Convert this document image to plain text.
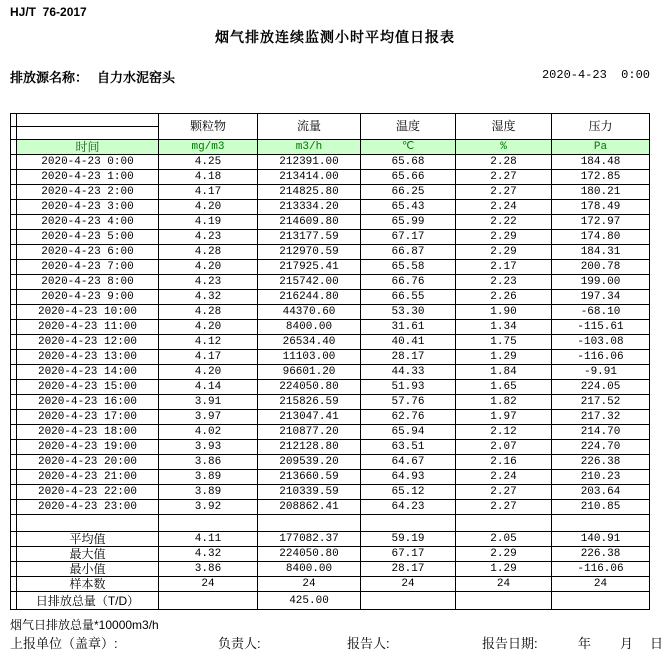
HJ/T  76-2017
烟气排放连续监测小时平均值日报表
排放源名称： 自力水泥窑头	2020-4-23  0:00
		颗粒物	流量	温度	湿度	压力

	时间	mg/m3	m3/h	℃	%	Pa
	2020-4-23 0:00	4.25	212391.00	65.68	2.28	184.48
	2020-4-23 1:00	4.18	213414.00	65.66	2.27	172.85
	2020-4-23 2:00	4.17	214825.80	66.25	2.27	180.21
	2020-4-23 3:00	4.20	213334.20	65.43	2.24	178.49
	2020-4-23 4:00	4.19	214609.80	65.99	2.22	172.97
	2020-4-23 5:00	4.23	213177.59	67.17	2.29	174.80
	2020-4-23 6:00	4.28	212970.59	66.87	2.29	184.31
	2020-4-23 7:00	4.20	217925.41	65.58	2.17	200.78
	2020-4-23 8:00	4.23	215742.00	66.76	2.23	199.00
	2020-4-23 9:00	4.32	216244.80	66.55	2.26	197.34
	2020-4-23 10:00	4.28	44370.60	53.30	1.90	-68.10
	2020-4-23 11:00	4.20	8400.00	31.61	1.34	-115.61
	2020-4-23 12:00	4.12	26534.40	40.41	1.75	-103.08
	2020-4-23 13:00	4.17	11103.00	28.17	1.29	-116.06
	2020-4-23 14:00	4.20	96601.20	44.33	1.84	-9.91
	2020-4-23 15:00	4.14	224050.80	51.93	1.65	224.05
	2020-4-23 16:00	3.91	215826.59	57.76	1.82	217.52
	2020-4-23 17:00	3.97	213047.41	62.76	1.97	217.32
	2020-4-23 18:00	4.02	210877.20	65.94	2.12	214.70
	2020-4-23 19:00	3.93	212128.80	63.51	2.07	224.70
	2020-4-23 20:00	3.86	209539.20	64.67	2.16	226.38
	2020-4-23 21:00	3.89	213660.59	64.93	2.24	210.23
	2020-4-23 22:00	3.89	210339.59	65.12	2.27	203.64
	2020-4-23 23:00	3.92	208862.41	64.23	2.27	210.85

	平均值	4.11	177082.37	59.19	2.05	140.91
	最大值	4.32	224050.80	67.17	2.29	226.38
	最小值	3.86	8400.00	28.17	1.29	-116.06
	样本数	24	24	24	24	24
	日排放总量（T/D）		425.00			
烟气日排放总量*10000m3/h
上报单位（盖章）:	负责人:	报告人:	报告日期:	年 月 日
